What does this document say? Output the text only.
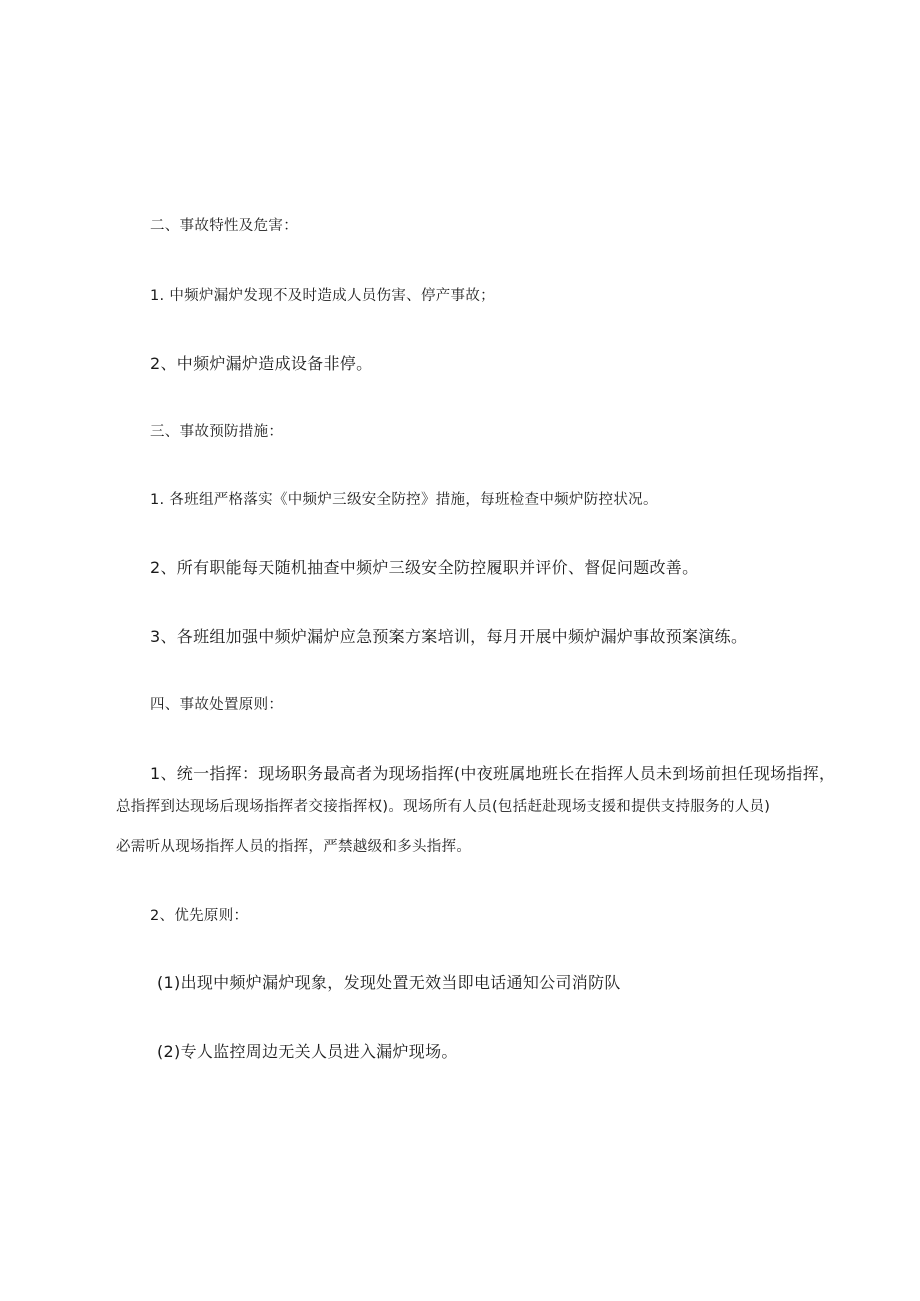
二、事故特性及危害：
1. 中频炉漏炉发现不及时造成人员伤害、停产事故；
2、中频炉漏炉造成设备非停。
三、事故预防措施：
1. 各班组严格落实《中频炉三级安全防控》措施，每班检查中频炉防控状况。
2、所有职能每天随机抽查中频炉三级安全防控履职并评价、督促问题改善。
3、各班组加强中频炉漏炉应急预案方案培训，每月开展中频炉漏炉事故预案演练。
四、事故处置原则：
1、统一指挥：现场职务最高者为现场指挥(中夜班属地班长在指挥人员未到场前担任现场指挥，
总指挥到达现场后现场指挥者交接指挥权)。现场所有人员(包括赶赴现场支援和提供支持服务的人员)
必需听从现场指挥人员的指挥，严禁越级和多头指挥。
2、优先原则：
(1)出现中频炉漏炉现象，发现处置无效当即电话通知公司消防队
(2)专人监控周边无关人员进入漏炉现场。
